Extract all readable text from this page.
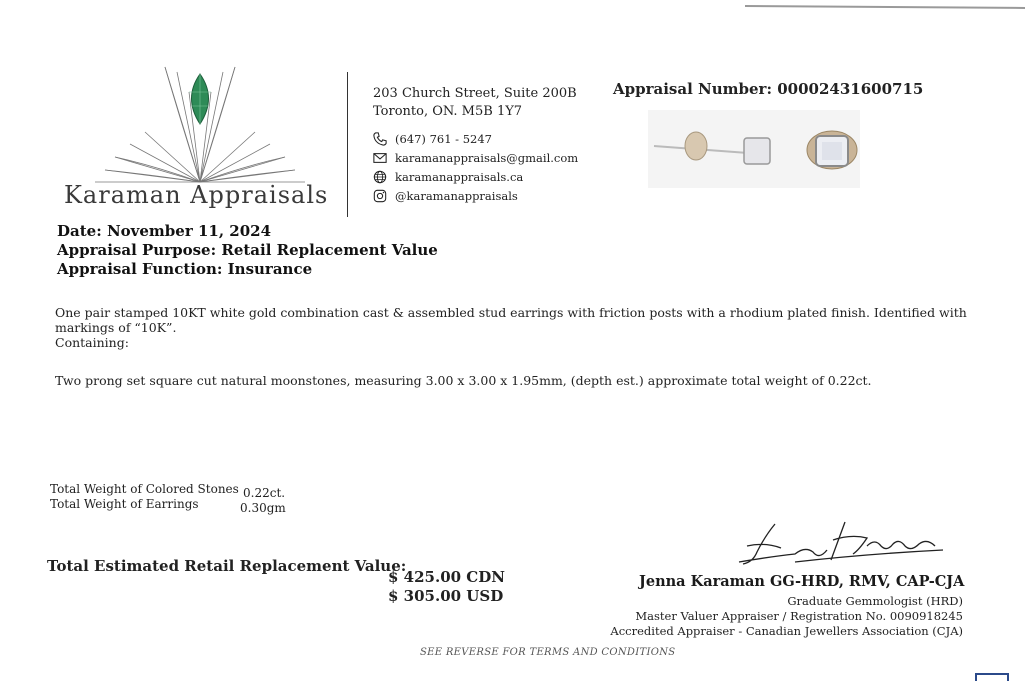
Karaman Appraisals
203 Church Street, Suite 200B
Toronto, ON. M5B 1Y7
(647) 761 - 5247
karamanappraisals@gmail.com
karamanappraisals.ca
@karamanappraisals
Appraisal Number: 00002431600715
Date: November 11, 2024
Appraisal Purpose: Retail Replacement Value
Appraisal Function: Insurance
One pair stamped 10KT white gold combination cast & assembled stud earrings with friction posts with a rhodium plated finish. Identified with
markings of “10K”.
Containing:
Two prong set square cut natural moonstones, measuring 3.00 x 3.00 x 1.95mm, (depth est.) approximate total weight of 0.22ct.
Total Weight of Colored Stones 0.22ct.
Total Weight of Earrings	0.30gm
Total Estimated Retail Replacement Value:
$ 425.00 CDN
$ 305.00 USD
Jenna Karaman GG-HRD, RMV, CAP-CJA
Graduate Gemmologist (HRD)
Master Valuer Appraiser / Registration No. 0090918245
Accredited Appraiser - Canadian Jewellers Association (CJA)
SEE REVERSE FOR TERMS AND CONDITIONS
